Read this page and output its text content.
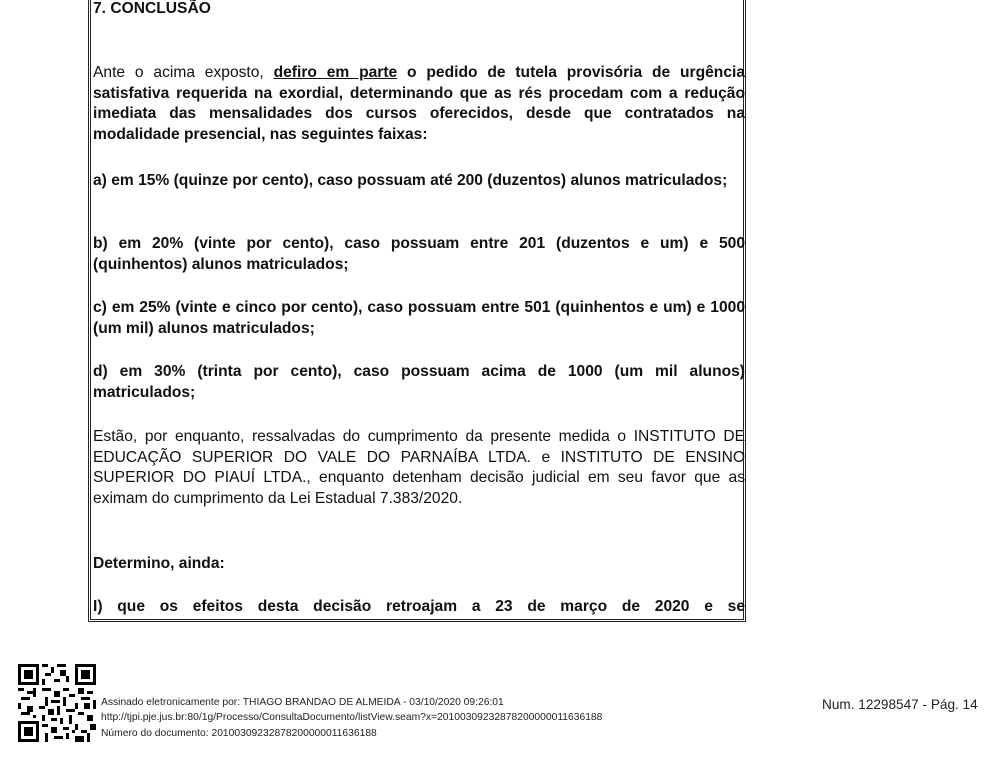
7. CONCLUSÃO

Ante o acima exposto, defiro em parte o pedido de tutela provisória de urgência satisfativa requerida na exordial, determinando que as rés procedam com a redução imediata das mensalidades dos cursos oferecidos, desde que contratados na modalidade presencial, nas seguintes faixas:

a) em 15% (quinze por cento), caso possuam até 200 (duzentos) alunos matriculados;

b) em 20% (vinte por cento), caso possuam entre 201 (duzentos e um) e 500 (quinhentos) alunos matriculados;

c) em 25% (vinte e cinco por cento), caso possuam entre 501 (quinhentos e um) e 1000 (um mil) alunos matriculados;

d) em 30% (trinta por cento), caso possuam acima de 1000 (um mil alunos) matriculados;

Estão, por enquanto, ressalvadas do cumprimento da presente medida o INSTITUTO DE EDUCAÇÃO SUPERIOR DO VALE DO PARNAÍBA LTDA. e INSTITUTO DE ENSINO SUPERIOR DO PIAUÍ LTDA., enquanto detenham decisão judicial em seu favor que as eximam do cumprimento da Lei Estadual 7.383/2020.

Determino, ainda:

I) que os efeitos desta decisão retroajam a 23 de março de 2020 e se

Assinado eletronicamente por: THIAGO BRANDAO DE ALMEIDA - 03/10/2020 09:26:01
http://tjpi.pje.jus.br:80/1g/Processo/ConsultaDocumento/listView.seam?x=20100309232878200000011636188
Número do documento: 20100309232878200000011636188
Num. 12298547 - Pág. 14
